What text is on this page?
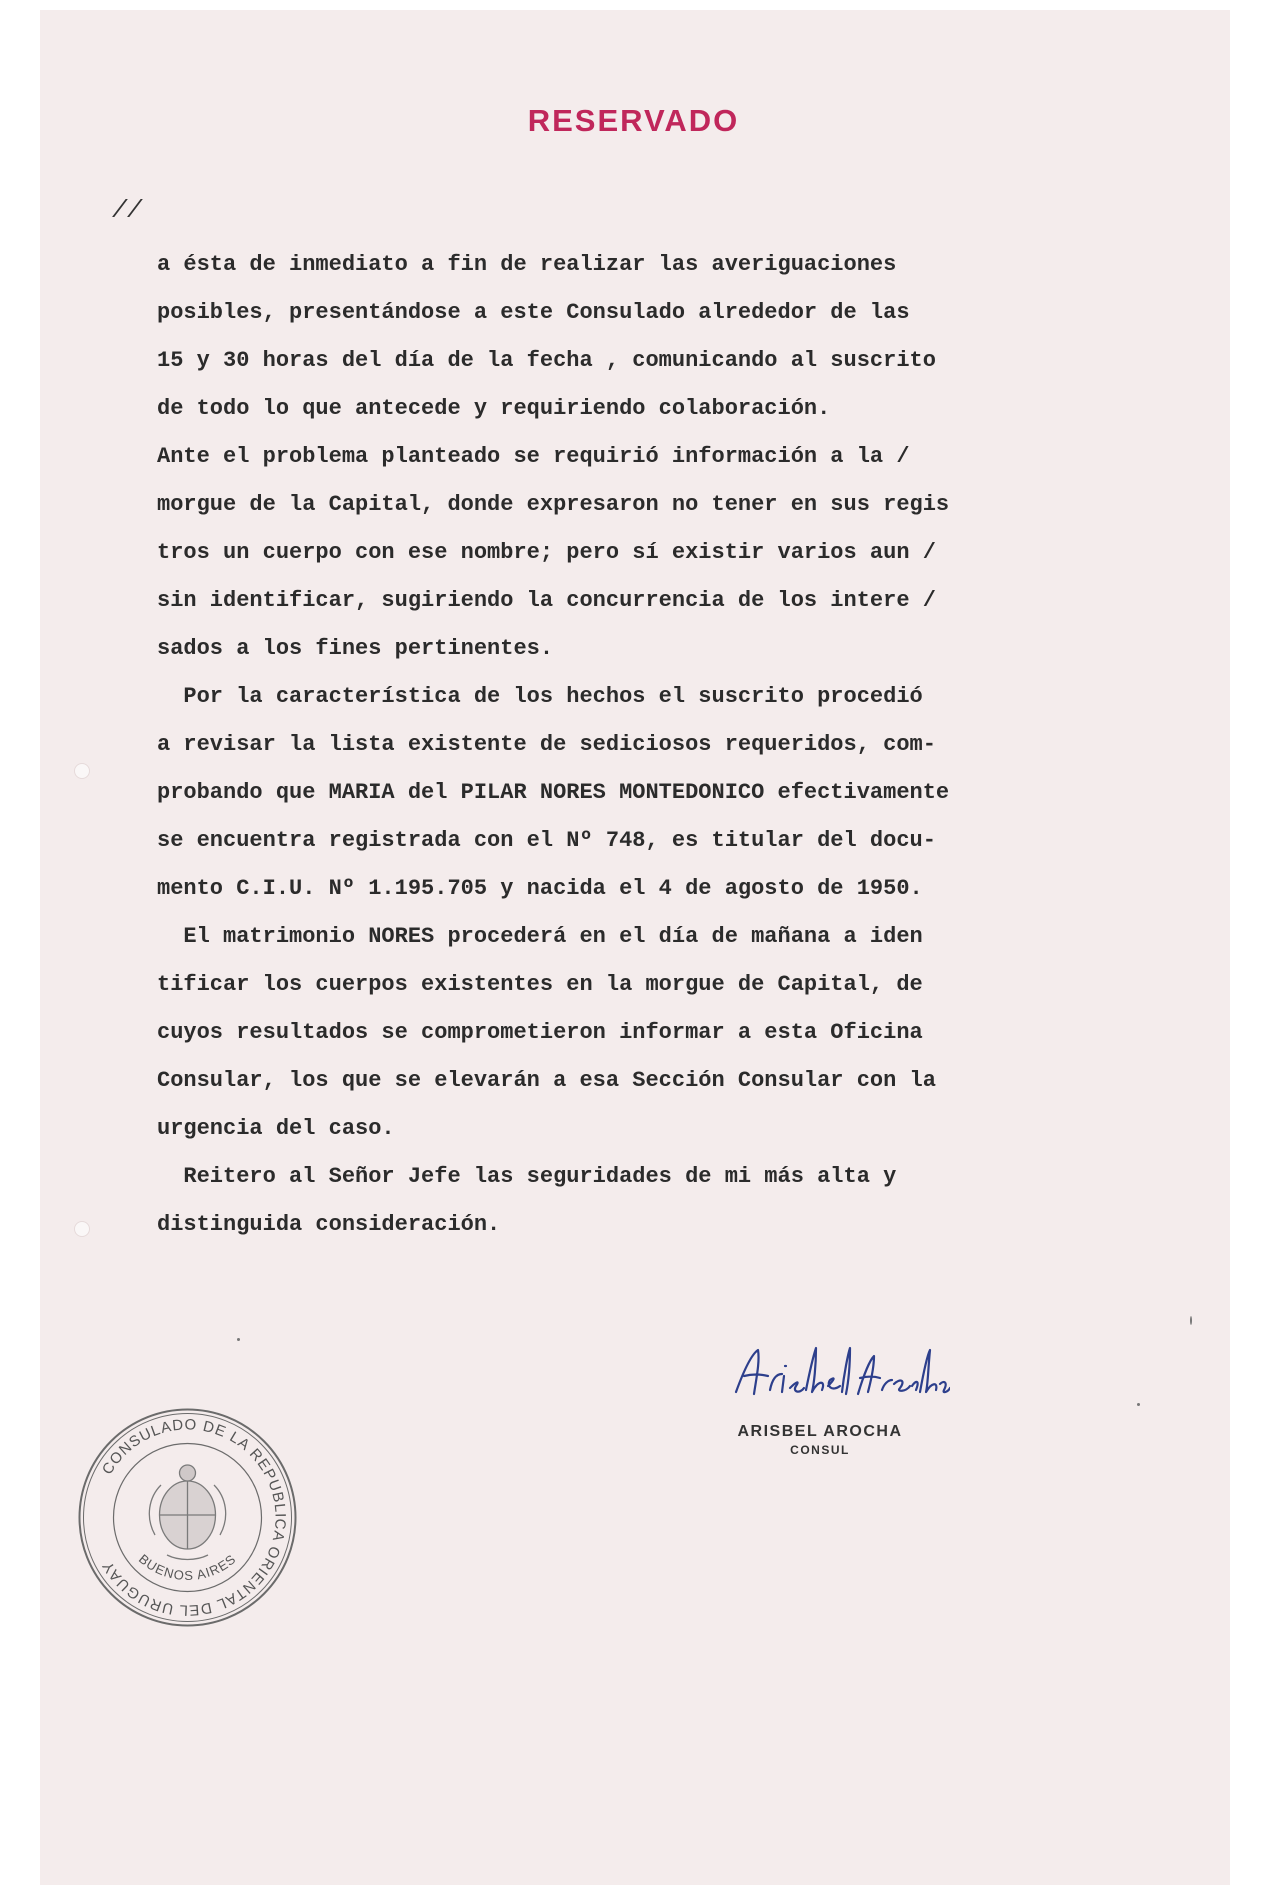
RESERVADO
//
a ésta de inmediato a fin de realizar las averiguaciones
posibles, presentándose a este Consulado alrededor de las
15 y 30 horas del día de la fecha , comunicando al suscrito
de todo lo que antecede y requiriendo colaboración.
Ante el problema planteado se requirió información a la /
morgue de la Capital, donde expresaron no tener en sus regis
tros un cuerpo con ese nombre; pero sí existir varios aun /
sin identificar, sugiriendo la concurrencia de los intere /
sados a los fines pertinentes.
Por la característica de los hechos el suscrito procedió
a revisar la lista existente de sediciosos requeridos, com-
probando que MARIA del PILAR NORES MONTEDONICO efectivamente
se encuentra registrada con el Nº 748, es titular del docu-
mento C.I.U. Nº 1.195.705 y nacida el 4 de agosto de 1950.
El matrimonio NORES procederá en el día de mañana a iden
tificar los cuerpos existentes en la morgue de Capital, de
cuyos resultados se comprometieron informar a esta Oficina
Consular, los que se elevarán a esa Sección Consular con la
urgencia del caso.
Reitero al Señor Jefe las seguridades de mi más alta y
distinguida consideración.
ARISBEL AROCHA
CONSUL
CONSULADO DE LA REPUBLICA ORIENTAL DEL URUGUAY	BUENOS AIRES
